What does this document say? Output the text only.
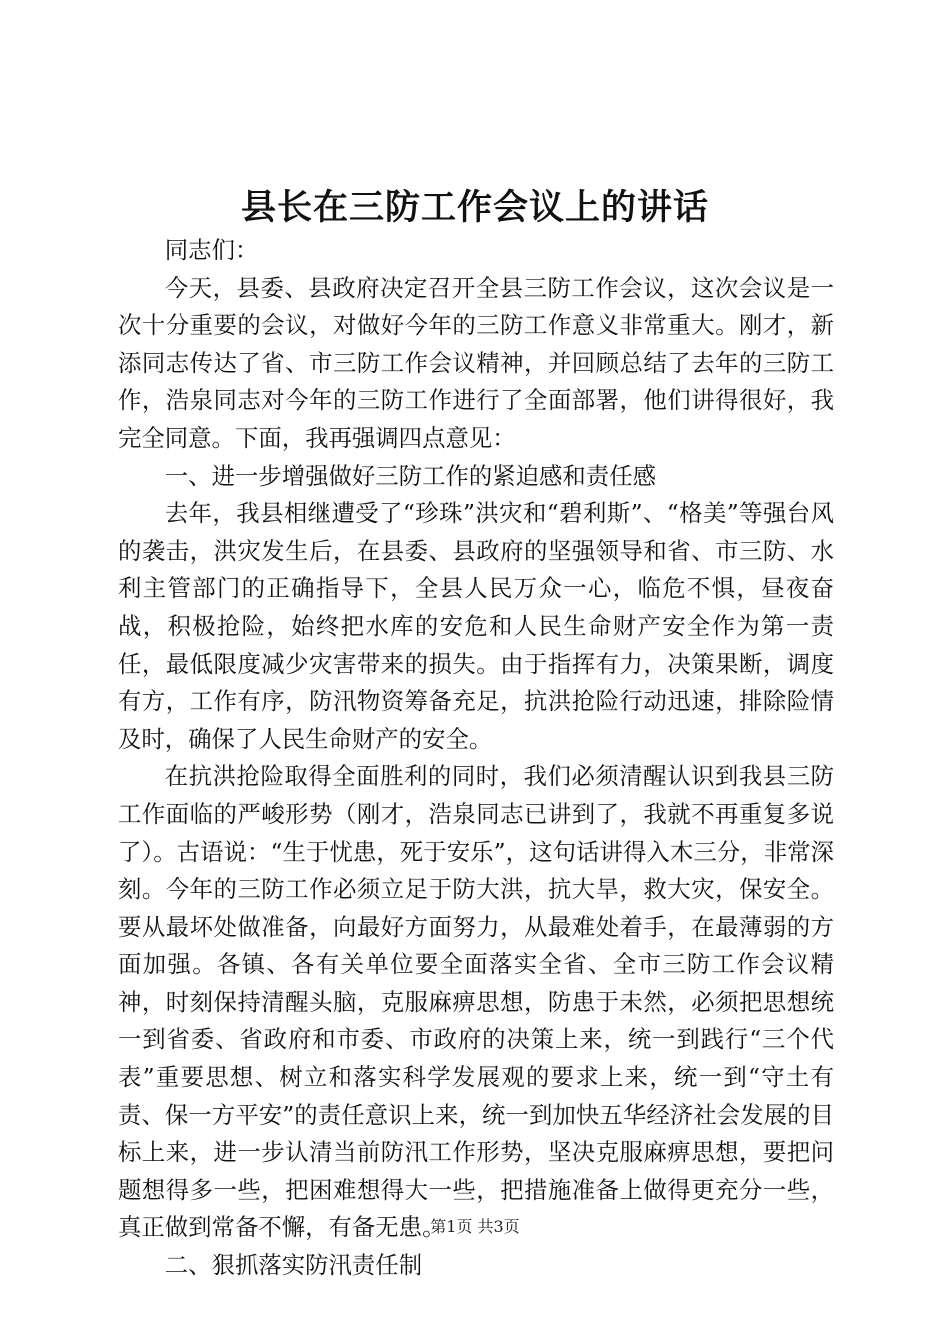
县长在三防工作会议上的讲话

同志们：

今天，县委、县政府决定召开全县三防工作会议，这次会议是一次十分重要的会议，对做好今年的三防工作意义非常重大。刚才，新添同志传达了省、市三防工作会议精神，并回顾总结了去年的三防工作，浩泉同志对今年的三防工作进行了全面部署，他们讲得很好，我完全同意。下面，我再强调四点意见：

一、进一步增强做好三防工作的紧迫感和责任感

去年，我县相继遭受了“珍珠”洪灾和“碧利斯”、“格美”等强台风的袭击，洪灾发生后，在县委、县政府的坚强领导和省、市三防、水利主管部门的正确指导下，全县人民万众一心，临危不惧，昼夜奋战，积极抢险，始终把水库的安危和人民生命财产安全作为第一责任，最低限度减少灾害带来的损失。由于指挥有力，决策果断，调度有方，工作有序，防汛物资筹备充足，抗洪抢险行动迅速，排除险情及时，确保了人民生命财产的安全。

在抗洪抢险取得全面胜利的同时，我们必须清醒认识到我县三防工作面临的严峻形势（刚才，浩泉同志已讲到了，我就不再重复多说了）。古语说：“生于忧患，死于安乐”，这句话讲得入木三分，非常深刻。今年的三防工作必须立足于防大洪，抗大旱，救大灾，保安全。要从最坏处做准备，向最好方面努力，从最难处着手，在最薄弱的方面加强。各镇、各有关单位要全面落实全省、全市三防工作会议精神，时刻保持清醒头脑，克服麻痹思想，防患于未然，必须把思想统一到省委、省政府和市委、市政府的决策上来，统一到践行“三个代表”重要思想、树立和落实科学发展观的要求上来，统一到“守土有责、保一方平安”的责任意识上来，统一到加快五华经济社会发展的目标上来，进一步认清当前防汛工作形势，坚决克服麻痹思想，要把问题想得多一些，把困难想得大一些，把措施准备上做得更充分一些，真正做到常备不懈，有备无患。

二、狠抓落实防汛责任制

第1页 共3页
